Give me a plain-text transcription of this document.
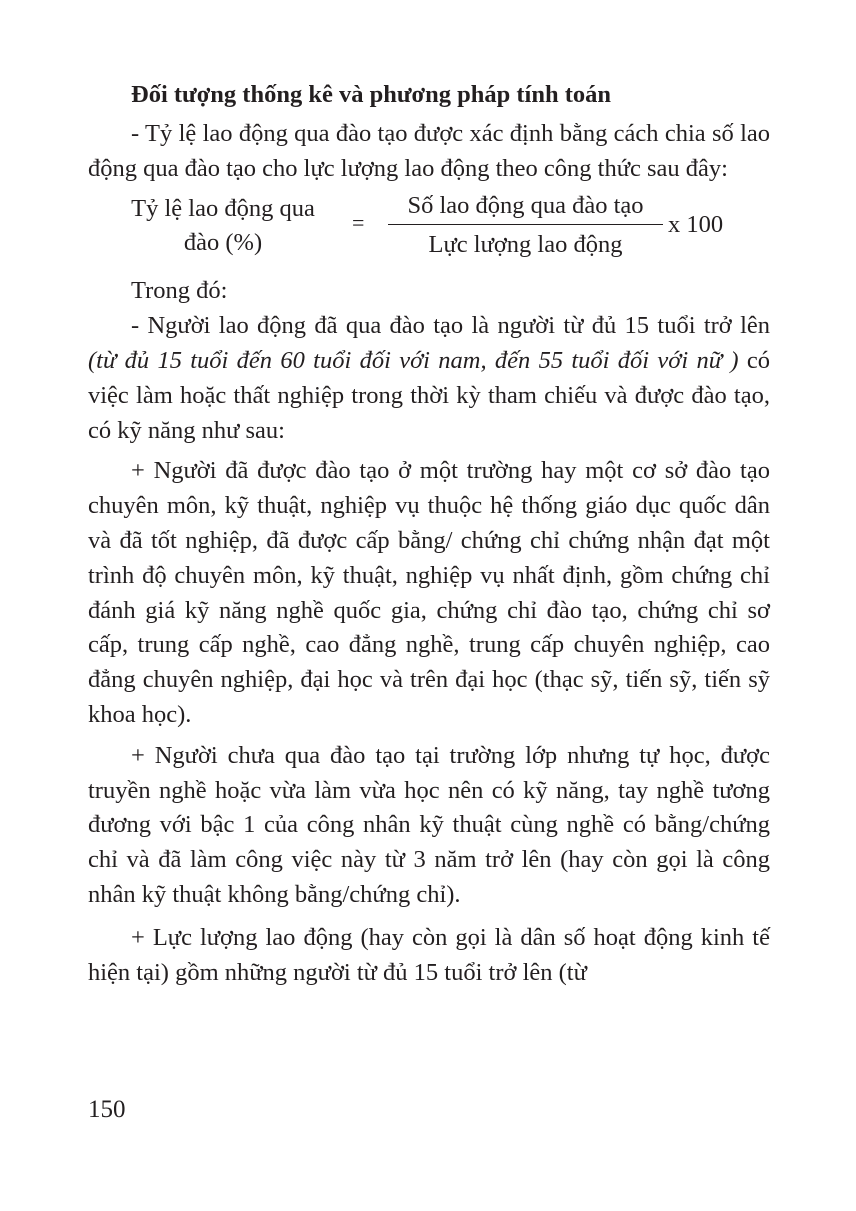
Đối tượng thống kê và phương pháp tính toán

- Tỷ lệ lao động qua đào tạo được xác định bằng cách chia số lao động qua đào tạo cho lực lượng lao động theo công thức sau đây:

Tỷ lệ lao động qua
đào (%)
=
Số lao động qua đào tạo
Lực lượng lao động
x 100

Trong đó:

- Người lao động đã qua đào tạo là người từ đủ 15 tuổi trở lên (từ đủ 15 tuổi đến 60 tuổi đối với nam, đến 55 tuổi đối với nữ ) có việc làm hoặc thất nghiệp trong thời kỳ tham chiếu và được đào tạo, có kỹ năng như sau:

+ Người đã được đào tạo ở một trường hay một cơ sở đào tạo chuyên môn, kỹ thuật, nghiệp vụ thuộc hệ thống giáo dục quốc dân và đã tốt nghiệp, đã được cấp bằng/ chứng chỉ chứng nhận đạt một trình độ chuyên môn, kỹ thuật, nghiệp vụ nhất định, gồm chứng chỉ đánh giá kỹ năng nghề quốc gia, chứng chỉ đào tạo, chứng chỉ sơ cấp, trung cấp nghề, cao đẳng nghề, trung cấp chuyên nghiệp, cao đẳng chuyên nghiệp, đại học và trên đại học (thạc sỹ, tiến sỹ, tiến sỹ khoa học).

+ Người chưa qua đào tạo tại trường lớp nhưng tự học, được truyền nghề hoặc vừa làm vừa học nên có kỹ năng, tay nghề tương đương với bậc 1 của công nhân kỹ thuật cùng nghề có bằng/chứng chỉ và đã làm công việc này từ 3 năm trở lên (hay còn gọi là công nhân kỹ thuật không bằng/chứng chỉ).

+ Lực lượng lao động (hay còn gọi là dân số hoạt động kinh tế hiện tại) gồm những người từ đủ 15 tuổi trở lên (từ

150
